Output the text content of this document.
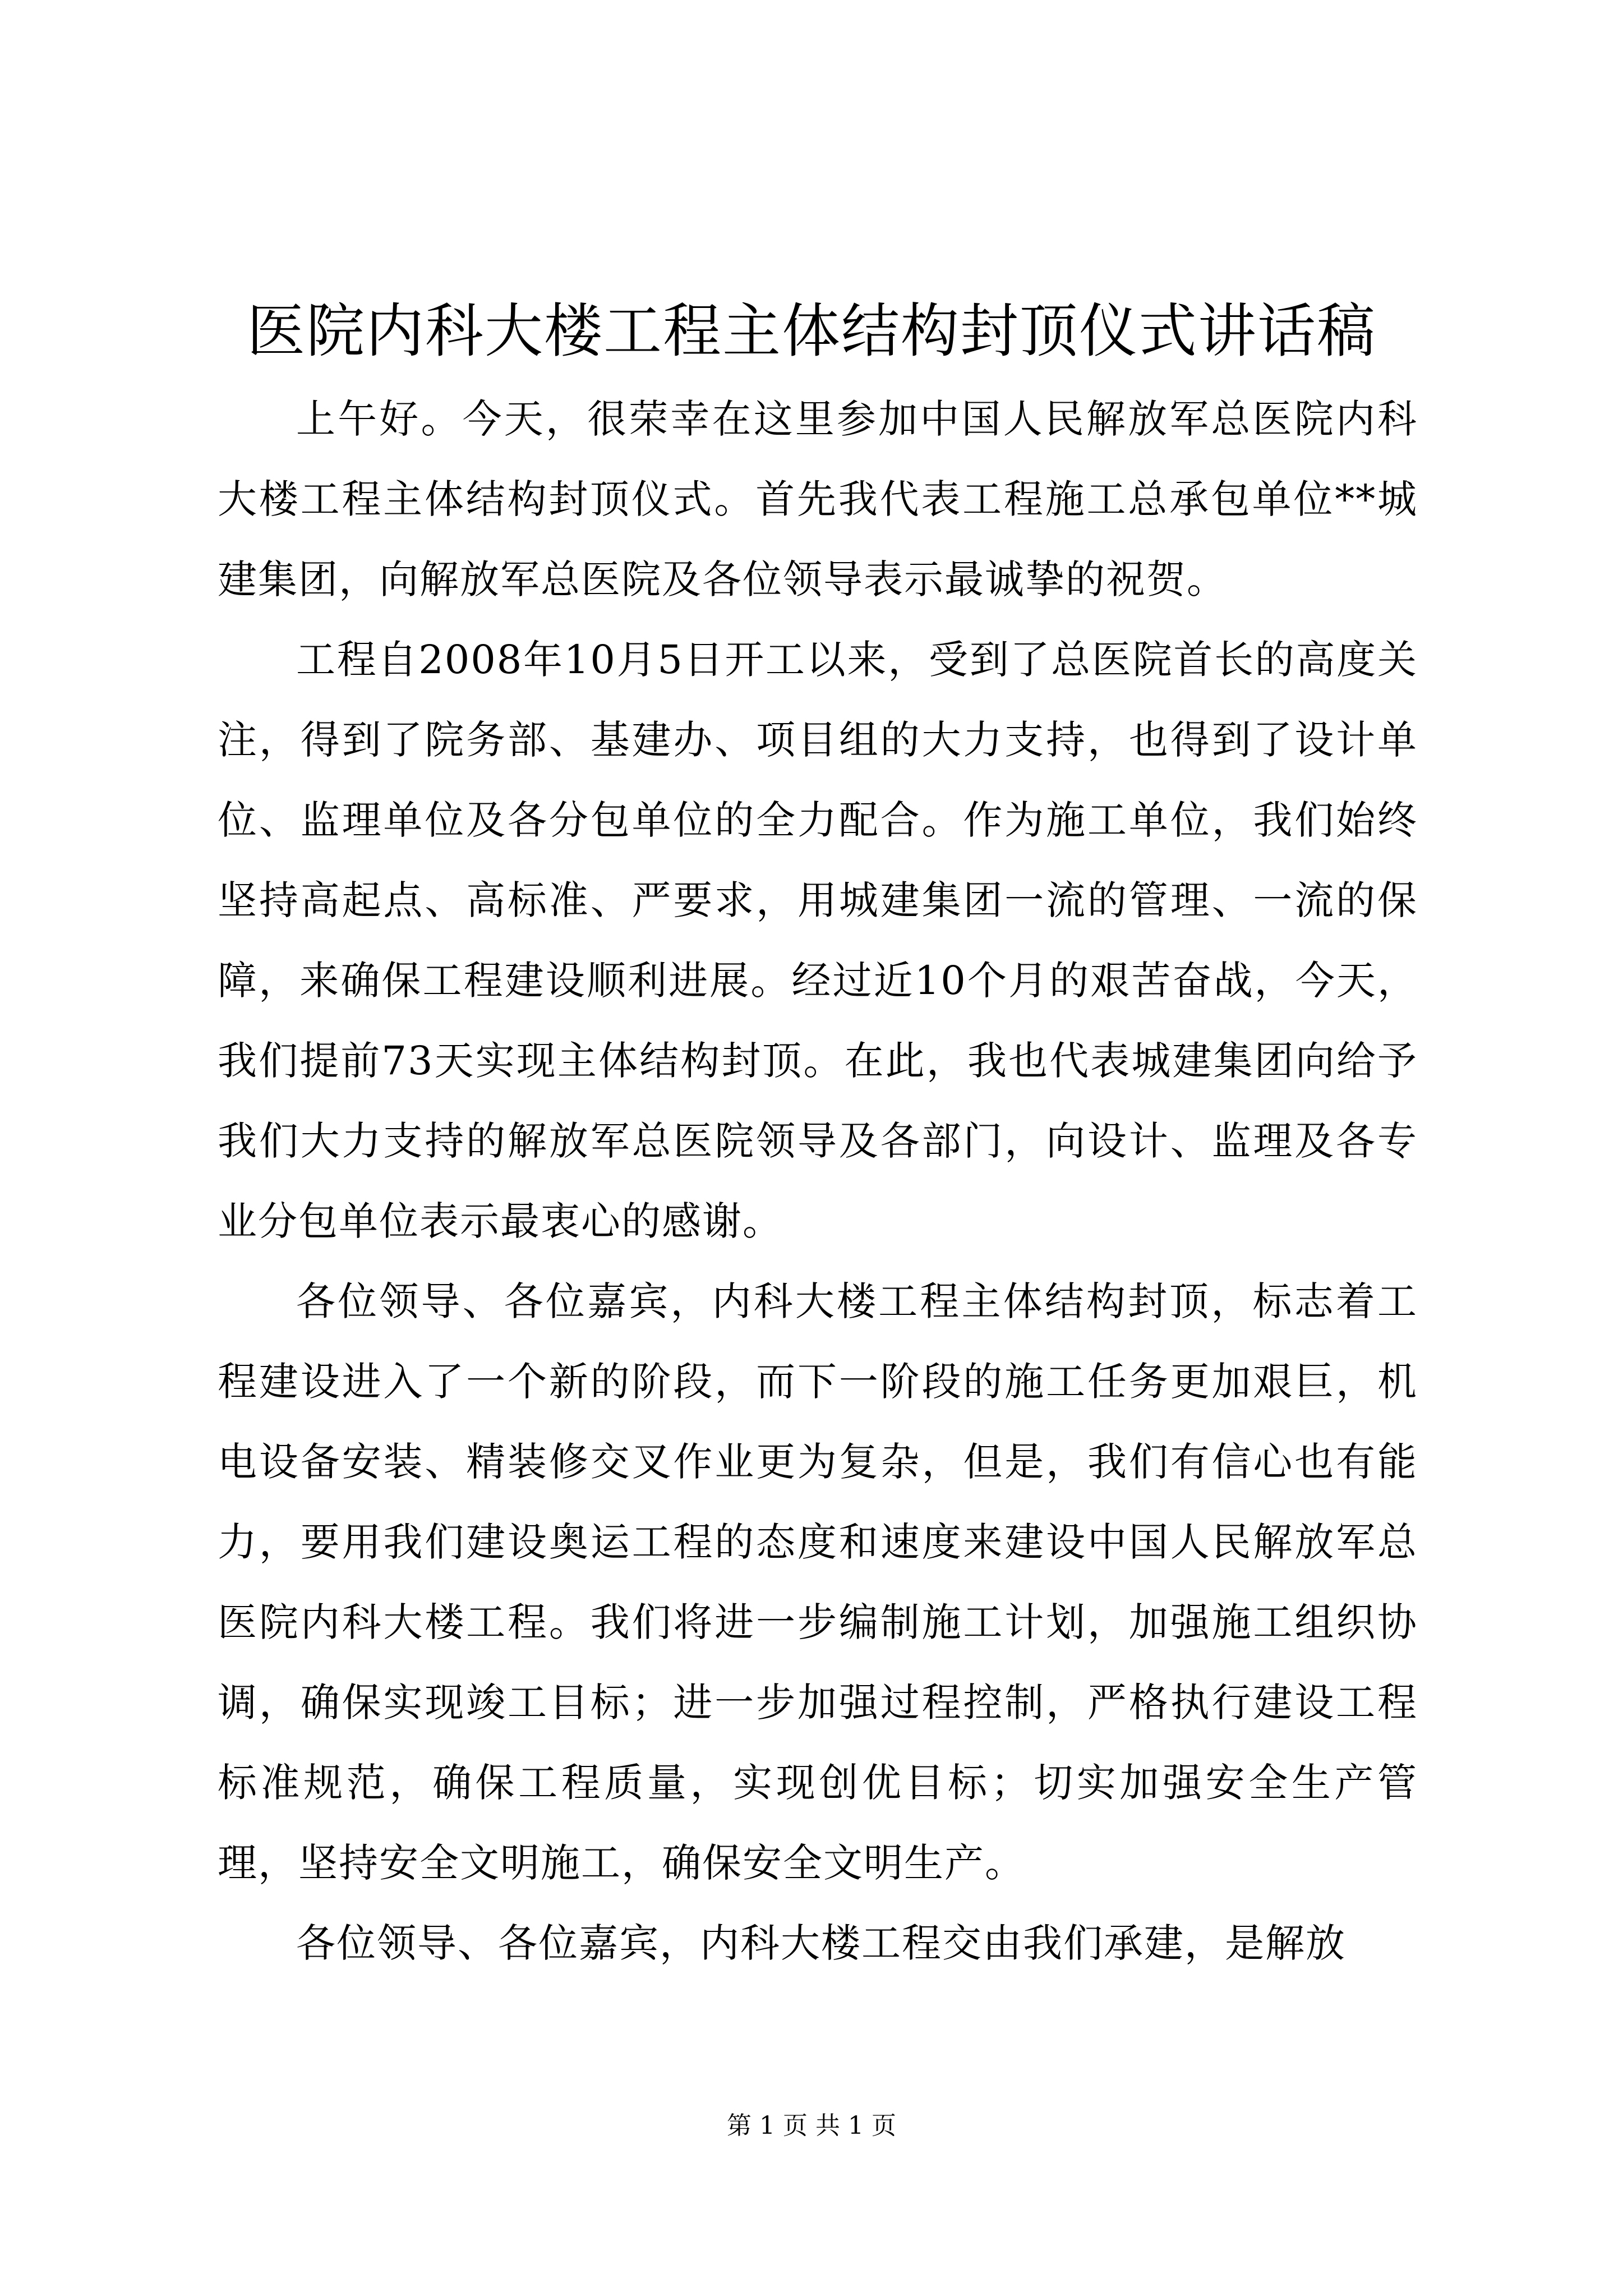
医院内科大楼工程主体结构封顶仪式讲话稿

上午好。今天，很荣幸在这里参加中国人民解放军总医院内科大楼工程主体结构封顶仪式。首先我代表工程施工总承包单位**城建集团，向解放军总医院及各位领导表示最诚挚的祝贺。

工程自2008年10月5日开工以来，受到了总医院首长的高度关注，得到了院务部、基建办、项目组的大力支持，也得到了设计单位、监理单位及各分包单位的全力配合。作为施工单位，我们始终坚持高起点、高标准、严要求，用城建集团一流的管理、一流的保障，来确保工程建设顺利进展。经过近10个月的艰苦奋战，今天，我们提前73天实现主体结构封顶。在此，我也代表城建集团向给予我们大力支持的解放军总医院领导及各部门，向设计、监理及各专业分包单位表示最衷心的感谢。

各位领导、各位嘉宾，内科大楼工程主体结构封顶，标志着工程建设进入了一个新的阶段，而下一阶段的施工任务更加艰巨，机电设备安装、精装修交叉作业更为复杂，但是，我们有信心也有能力，要用我们建设奥运工程的态度和速度来建设中国人民解放军总医院内科大楼工程。我们将进一步编制施工计划，加强施工组织协调，确保实现竣工目标；进一步加强过程控制，严格执行建设工程标准规范，确保工程质量，实现创优目标；切实加强安全生产管理，坚持安全文明施工，确保安全文明生产。

各位领导、各位嘉宾，内科大楼工程交由我们承建，是解放

第 1 页 共 1 页
